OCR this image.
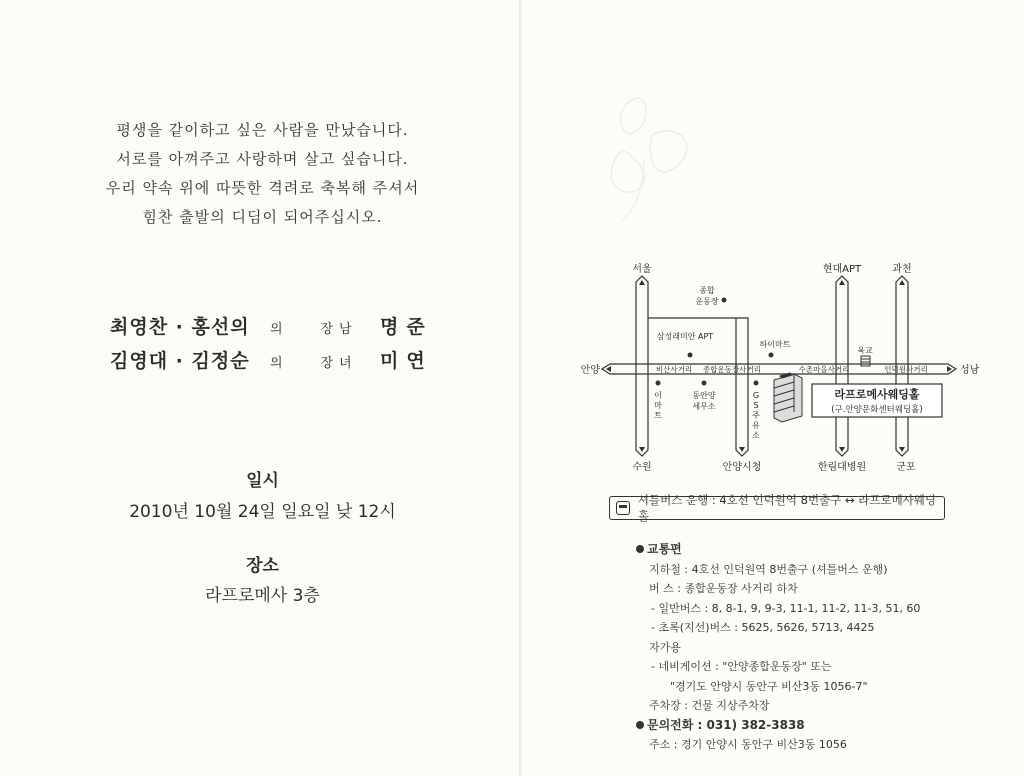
평생을 같이하고 싶은 사람을 만났습니다.
서로를 아껴주고 사랑하며 살고 싶습니다.
우리 약속 위에 따뜻한 격려로 축복해 주셔서
힘찬 출발의 디딤이 되어주십시오.
최영찬 · 홍선의	의	장남	명준
김영대 · 김정순	의	장녀	미연
일시
2010년 10월 24일 일요일 낮 12시
장소
라프로메사 3층
라프로메사웨딩홀
(구.안양문화센터웨딩홀)
서울	현대APT	과천
수원	안양시청	한림대병원	군포
안양	성남
종합
운동장
삼성래미안 APT
하이마트
육교
동안양
세무소
비산사거리 종합운동장사거리	수촌마을사거리	인덕원사거리
이
마
트
G
S
주
유
소
셔틀버스 운행 : 4호선 인덕원역 8번출구 ↔ 라프로메사웨딩홀
교통편
지하철 : 4호선 인덕원역 8번출구 (셔틀버스 운행)
버 스 : 종합운동장 사거리 하차
- 일반버스 : 8, 8-1, 9, 9-3, 11-1, 11-2, 11-3, 51, 60
- 초록(지선)버스 : 5625, 5626, 5713, 4425
자가용
- 네비게이션 : "안양종합운동장" 또는
"경기도 안양시 동안구 비산3동 1056-7"
주차장 : 건물 지상주차장
문의전화 : 031) 382-3838
주소 : 경기 안양시 동안구 비산3동 1056
